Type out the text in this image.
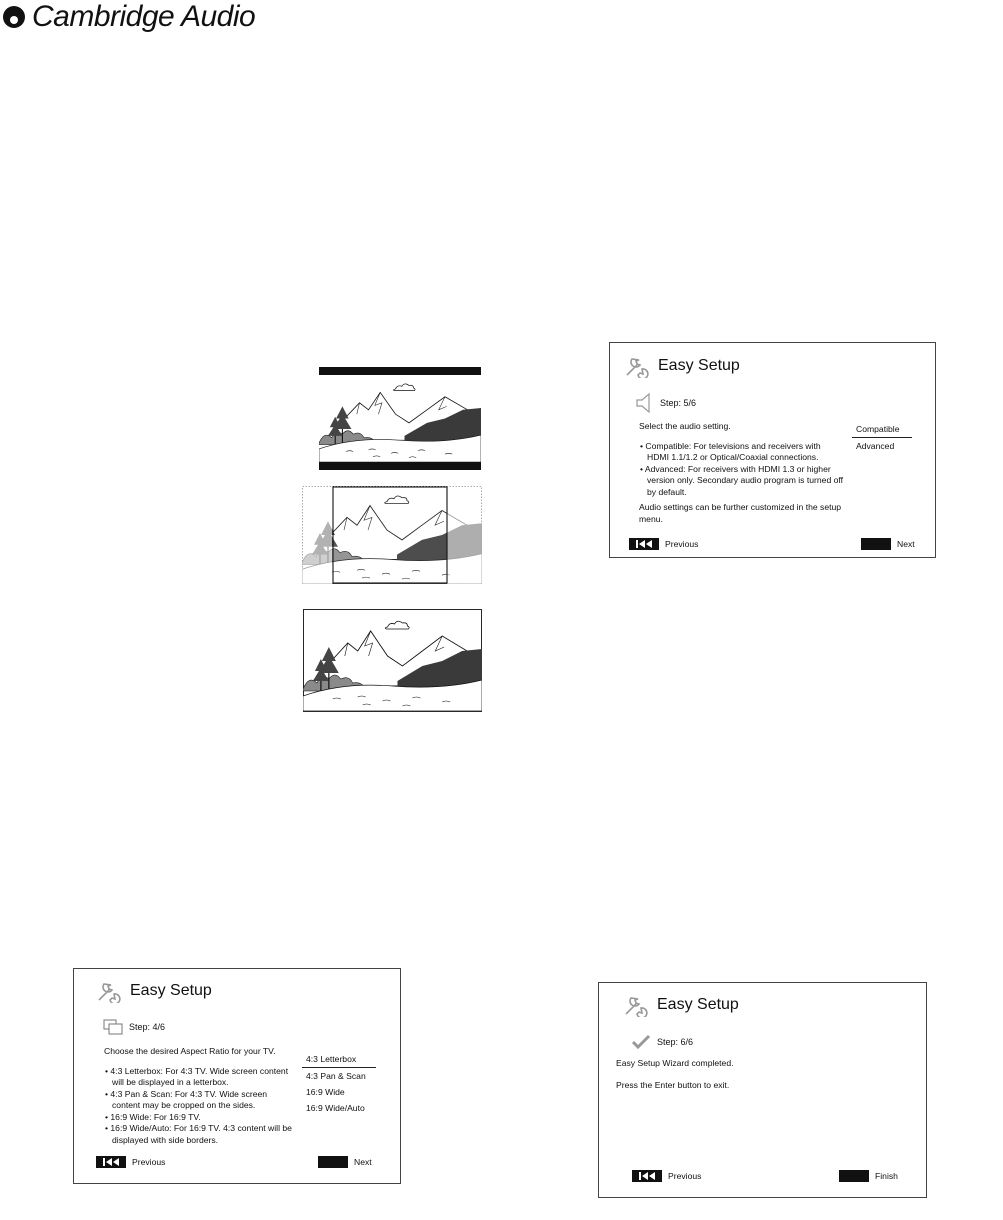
Cambridge Audio
Easy Setup
Step: 5/6

Select the audio setting.

• Compatible: For televisions and receivers with HDMI 1.1/1.2 or Optical/Coaxial connections.
• Advanced: For receivers with HDMI 1.3 or higher version only. Secondary audio program is turned off by default.

Audio settings can be further customized in the setup menu.

Compatible
Advanced
Previous	Next
Easy Setup
Step: 4/6

Choose the desired Aspect Ratio for your TV.

• 4:3 Letterbox: For 4:3 TV. Wide screen content will be displayed in a letterbox.
• 4:3 Pan & Scan: For 4:3 TV. Wide screen content may be cropped on the sides.
• 16:9 Wide: For 16:9 TV.
• 16:9 Wide/Auto: For 16:9 TV. 4:3 content will be displayed with side borders.
4:3 Letterbox
4:3 Pan & Scan
16:9 Wide
16:9 Wide/Auto
Previous	Next
Easy Setup
Step: 6/6

Easy Setup Wizard completed.

Press the Enter button to exit.

Previous	Finish
